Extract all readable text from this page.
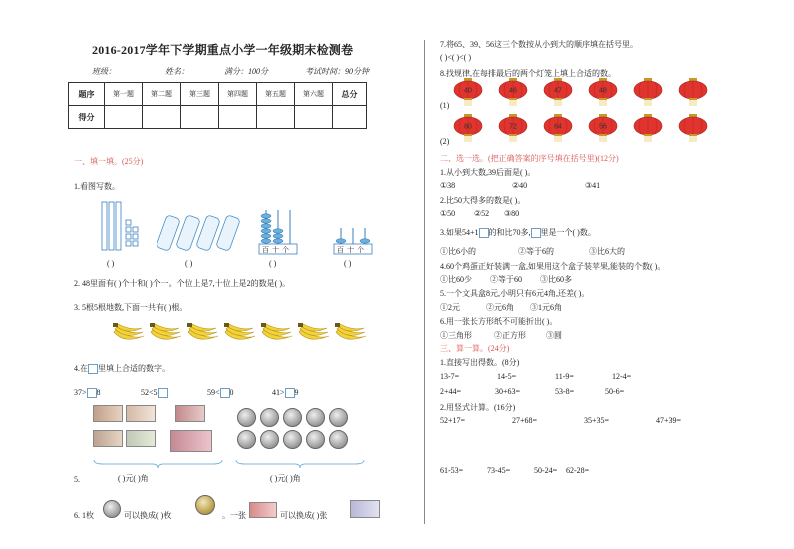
2016-2017学年下学期重点小学一年级期末检测卷
班级：	姓名：	满分：100分	考试时间：90分钟
题序	第一题	第二题	第三题	第四题	第五题	第六题	总分
得分							
一、填一填。(25分)
1.看图写数。
百十个	百十个
( )	( )	( )	( )
2. 48里面有( )个十和( )个一。个位上是7,十位上是2的数是( )。
3. 5根5根地数,下面一共有( )根。
4.在 里填上合适的数字。
37> 8	52<5	59< 0	41> 9
5.	( )元( )角	( )元( )角
6. 1枚	可以换成( )枚	。一张	可以换成( )张
7.将65、39、56这三个数按从小到大的顺序填在括号里。
( )<( )<( )
8.找规律,在每排最后的两个灯笼上填上合适的数。
(1)
(2)
40	46	47	48
80	72	64	56
二、选一选。(把正确答案的序号填在括号里)(12分)
1.从小到大数,39后面是( )。
①38	②40	③41
2.比50大得多的数是( )。
①50 ②52 ③80
3.如果54+1 的和比70多, 里是一个( )数。
①比6小的	②等于6的	③比6大的
4.60个鸡蛋正好装满一盒,如果用这个盒子装苹果,能装的个数( )。
①比60少 ②等于60 ③比60多
5.一个文具盒8元,小明只有6元4角,还差( )。
①2元	②元6角 ③1元6角
6.用一张长方形纸不可能折出( )。
①三角形	②正方形	③圆
三、算一算。(24分)
1.直接写出得数。(8分)
13-7=	14-5=	11-9=	12-4=
2+44=	30+63=	53-8=	50-6=
2.用竖式计算。(16分)
52+17=	27+68=	35+35=	47+39=
61-53=	73-45=	50-24= 62-28=
